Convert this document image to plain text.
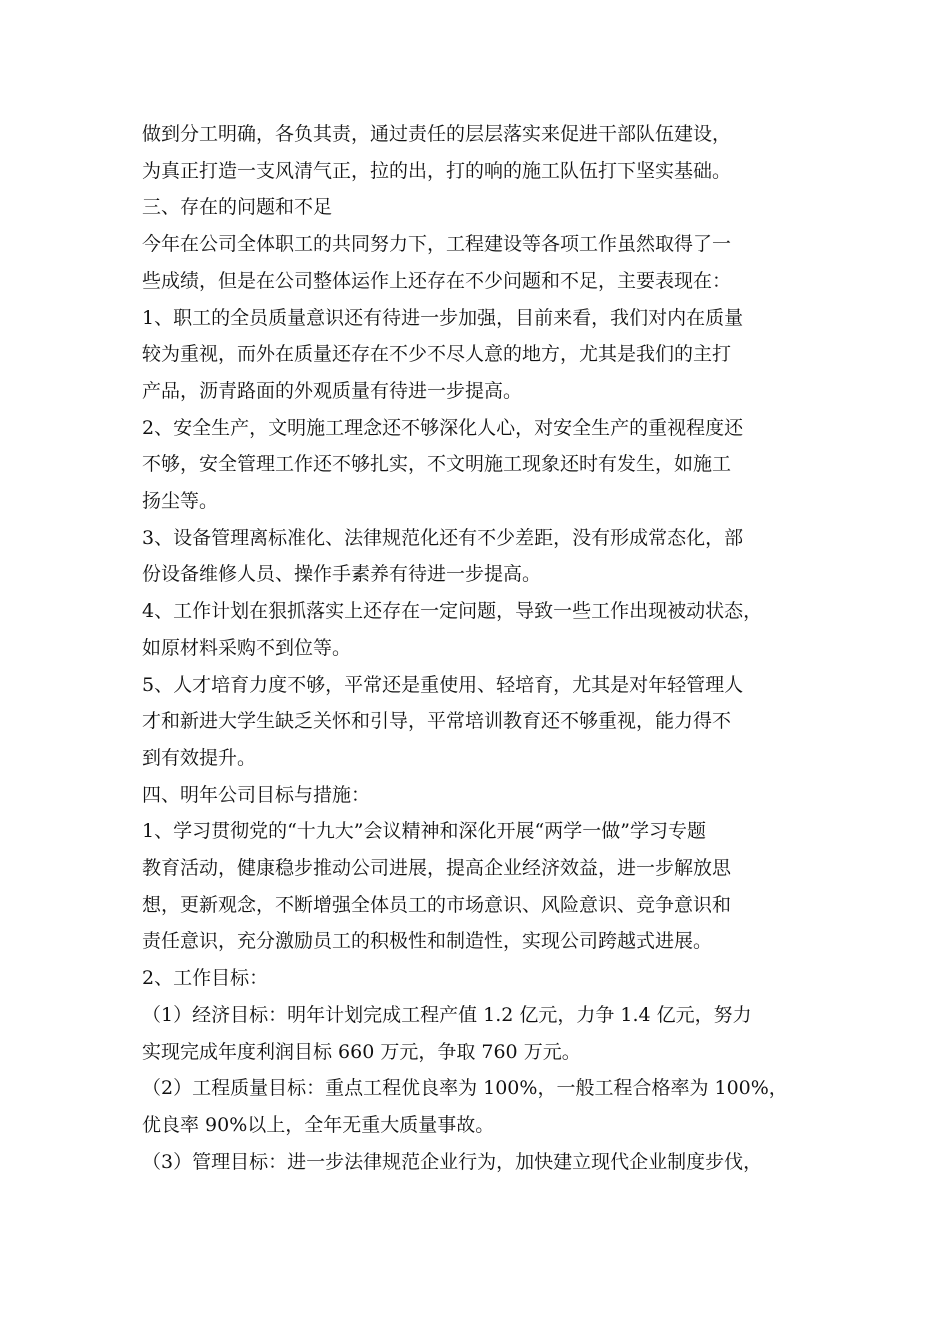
做到分工明确，各负其责，通过责任的层层落实来促进干部队伍建设，
为真正打造一支风清气正，拉的出，打的响的施工队伍打下坚实基础。
三、存在的问题和不足
今年在公司全体职工的共同努力下，工程建设等各项工作虽然取得了一
些成绩，但是在公司整体运作上还存在不少问题和不足，主要表现在：
1、职工的全员质量意识还有待进一步加强，目前来看，我们对内在质量
较为重视，而外在质量还存在不少不尽人意的地方，尤其是我们的主打
产品，沥青路面的外观质量有待进一步提高。
2、安全生产，文明施工理念还不够深化人心，对安全生产的重视程度还
不够，安全管理工作还不够扎实，不文明施工现象还时有发生，如施工
扬尘等。
3、设备管理离标准化、法律规范化还有不少差距，没有形成常态化，部
份设备维修人员、操作手素养有待进一步提高。
4、工作计划在狠抓落实上还存在一定问题，导致一些工作出现被动状态，
如原材料采购不到位等。
5、人才培育力度不够，平常还是重使用、轻培育，尤其是对年轻管理人
才和新进大学生缺乏关怀和引导，平常培训教育还不够重视，能力得不
到有效提升。
四、明年公司目标与措施：
1、学习贯彻党的“十九大”会议精神和深化开展“两学一做”学习专题
教育活动，健康稳步推动公司进展，提高企业经济效益，进一步解放思
想，更新观念，不断增强全体员工的市场意识、风险意识、竞争意识和
责任意识，充分激励员工的积极性和制造性，实现公司跨越式进展。
2、工作目标：
（1）经济目标：明年计划完成工程产值 1.2 亿元，力争 1.4 亿元，努力
实现完成年度利润目标 660 万元，争取 760 万元。
（2）工程质量目标：重点工程优良率为 100%，一般工程合格率为 100%，
优良率 90%以上，全年无重大质量事故。
（3）管理目标：进一步法律规范企业行为，加快建立现代企业制度步伐，
